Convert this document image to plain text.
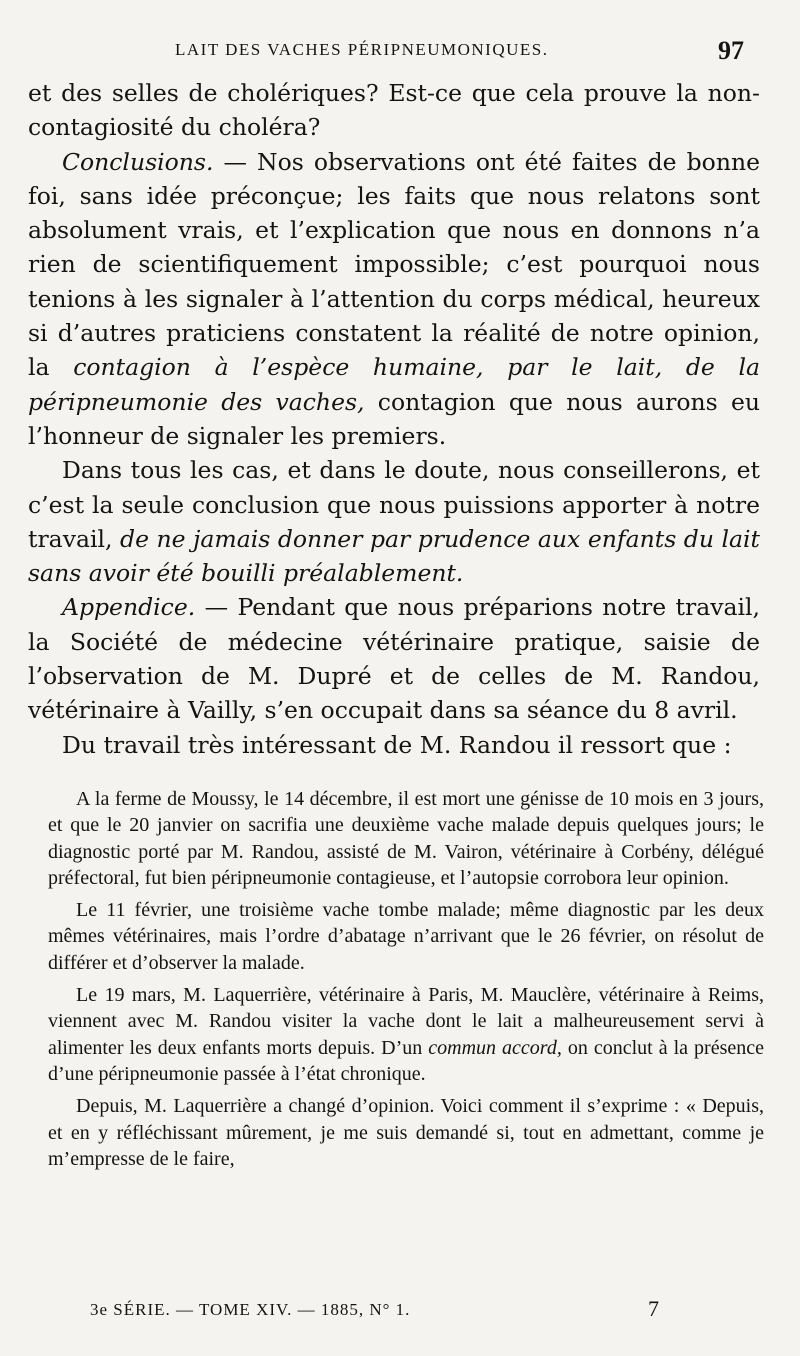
LAIT DES VACHES PÉRIPNEUMONIQUES.	97

et des selles de cholériques? Est-ce que cela prouve la non-contagiosité du choléra?

Conclusions. — Nos observations ont été faites de bonne foi, sans idée préconçue; les faits que nous relatons sont absolument vrais, et l’explication que nous en donnons n’a rien de scientifiquement impossible; c’est pourquoi nous tenions à les signaler à l’attention du corps médical, heureux si d’autres praticiens constatent la réalité de notre opinion, la contagion à l’espèce humaine, par le lait, de la péripneumonie des vaches, contagion que nous aurons eu l’honneur de signaler les premiers.

Dans tous les cas, et dans le doute, nous conseillerons, et c’est la seule conclusion que nous puissions apporter à notre travail, de ne jamais donner par prudence aux enfants du lait sans avoir été bouilli préalablement.

Appendice. — Pendant que nous préparions notre travail, la Société de médecine vétérinaire pratique, saisie de l’observation de M. Dupré et de celles de M. Randou, vétérinaire à Vailly, s’en occupait dans sa séance du 8 avril.

Du travail très intéressant de M. Randou il ressort que :

A la ferme de Moussy, le 14 décembre, il est mort une génisse de 10 mois en 3 jours, et que le 20 janvier on sacrifia une deuxième vache malade depuis quelques jours; le diagnostic porté par M. Randou, assisté de M. Vairon, vétérinaire à Corbény, délégué préfectoral, fut bien péripneumonie contagieuse, et l’autopsie corrobora leur opinion.

Le 11 février, une troisième vache tombe malade; même diagnostic par les deux mêmes vétérinaires, mais l’ordre d’abatage n’arrivant que le 26 février, on résolut de différer et d’observer la malade.

Le 19 mars, M. Laquerrière, vétérinaire à Paris, M. Mauclère, vétérinaire à Reims, viennent avec M. Randou visiter la vache dont le lait a malheureusement servi à alimenter les deux enfants morts depuis. D’un commun accord, on conclut à la présence d’une péripneumonie passée à l’état chronique.

Depuis, M. Laquerrière a changé d’opinion. Voici comment il s’exprime : « Depuis, et en y réfléchissant mûrement, je me suis demandé si, tout en admettant, comme je m’empresse de le faire,

3e SÉRIE. — TOME XIV. — 1885, N° 1.	7
